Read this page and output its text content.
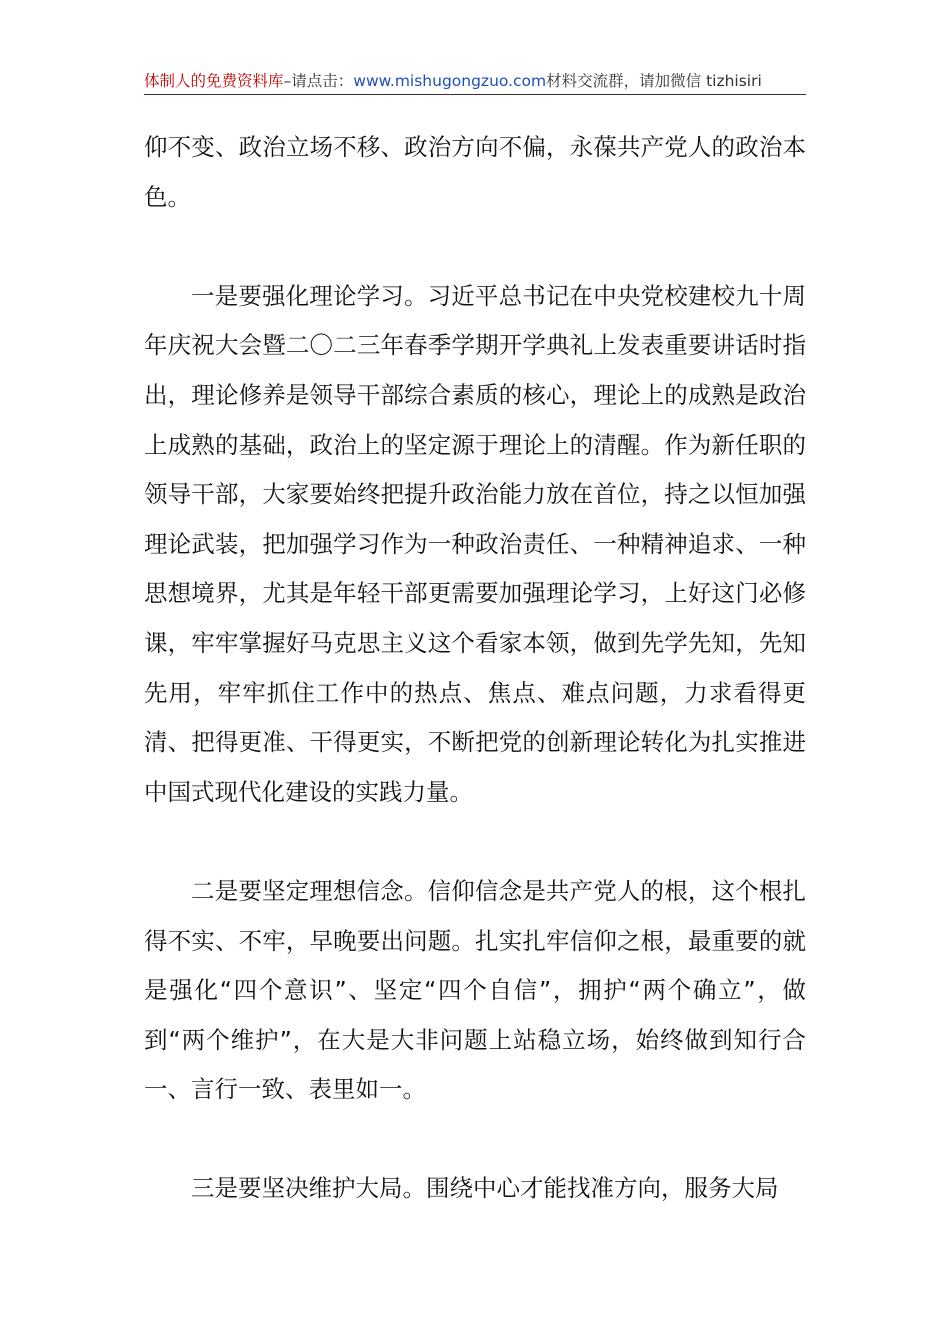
体制人的免费资料库–请点击：www.mishugongzuo.com材料交流群，请加微信 tizhisiri

仰不变、政治立场不移、政治方向不偏，永葆共产党人的政治本色。

一是要强化理论学习。习近平总书记在中央党校建校九十周年庆祝大会暨二〇二三年春季学期开学典礼上发表重要讲话时指出，理论修养是领导干部综合素质的核心，理论上的成熟是政治上成熟的基础，政治上的坚定源于理论上的清醒。作为新任职的领导干部，大家要始终把提升政治能力放在首位，持之以恒加强理论武装，把加强学习作为一种政治责任、一种精神追求、一种思想境界，尤其是年轻干部更需要加强理论学习，上好这门必修课，牢牢掌握好马克思主义这个看家本领，做到先学先知，先知先用，牢牢抓住工作中的热点、焦点、难点问题，力求看得更清、把得更准、干得更实，不断把党的创新理论转化为扎实推进中国式现代化建设的实践力量。

二是要坚定理想信念。信仰信念是共产党人的根，这个根扎得不实、不牢，早晚要出问题。扎实扎牢信仰之根，最重要的就是强化“四个意识”、坚定“四个自信”，拥护“两个确立”，做到“两个维护”，在大是大非问题上站稳立场，始终做到知行合一、言行一致、表里如一。

三是要坚决维护大局。围绕中心才能找准方向，服务大局
